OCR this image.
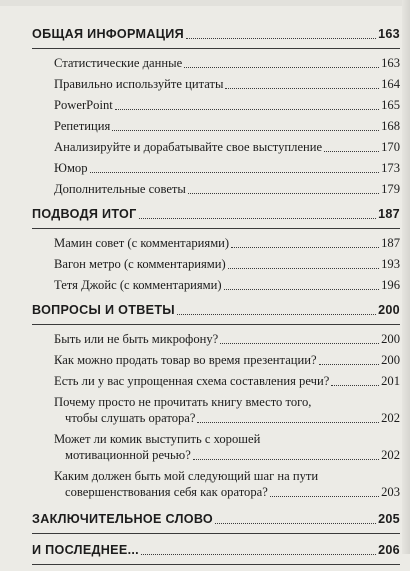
ОБЩАЯ ИНФОРМАЦИЯ	163
Статистические данные	163
Правильно используйте цитаты	164
PowerPoint	165
Репетиция	168
Анализируйте и дорабатывайте свое выступление	170
Юмор	173
Дополнительные советы	179
ПОДВОДЯ ИТОГ	187
Мамин совет (с комментариями)	187
Вагон метро (с комментариями)	193
Тетя Джойс (с комментариями)	196
ВОПРОСЫ И ОТВЕТЫ	200
Быть или не быть микрофону?	200
Как можно продать товар во время презентации?	200
Есть ли у вас упрощенная схема составления речи?	201
Почему просто не прочитать книгу вместо того,
чтобы слушать оратора?	202
Может ли комик выступить с хорошей
мотивационной речью?	202
Каким должен быть мой следующий шаг на пути
совершенствования себя как оратора?	203
ЗАКЛЮЧИТЕЛЬНОЕ СЛОВО	205
И ПОСЛЕДНЕЕ...	206
